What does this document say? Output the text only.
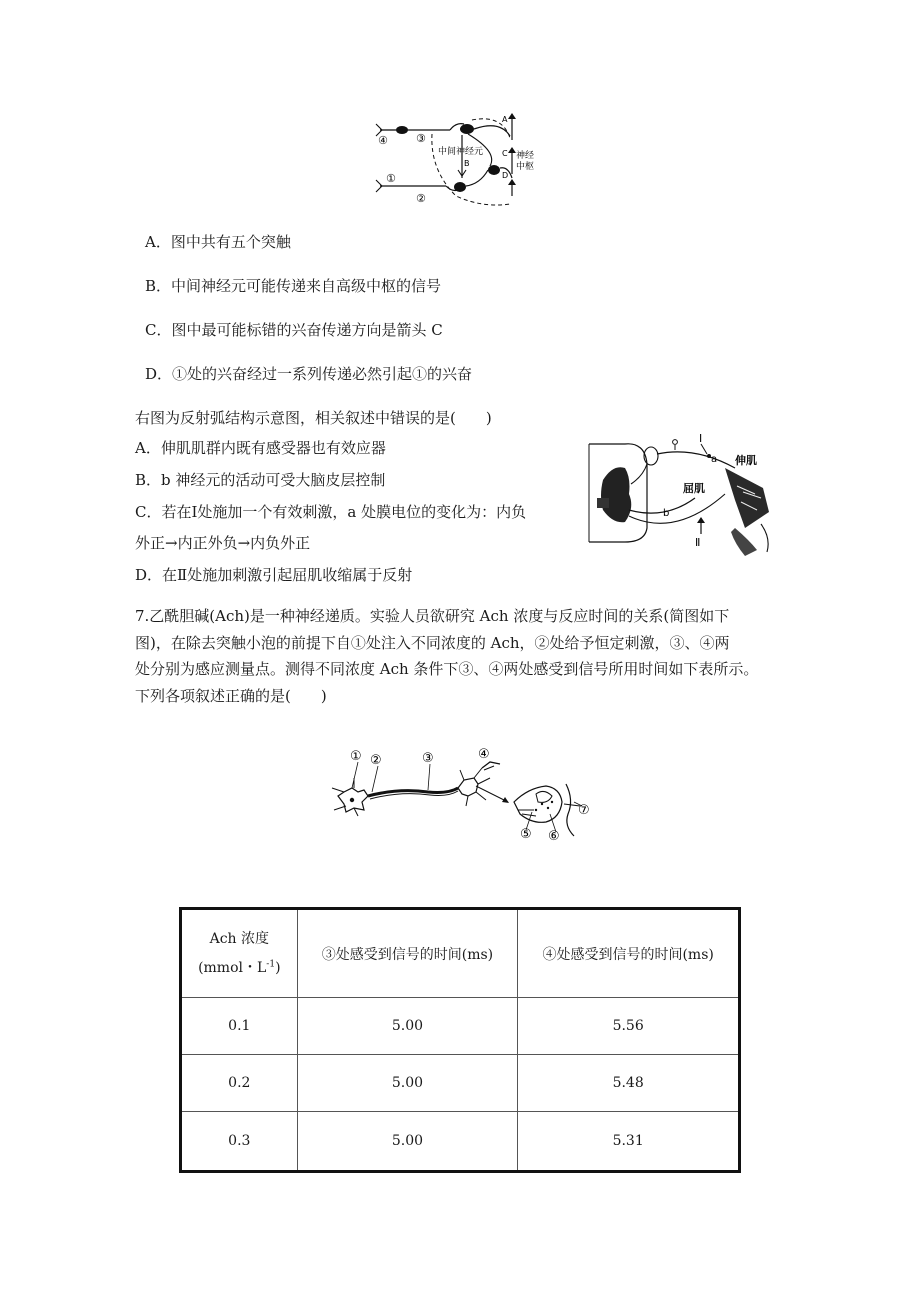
④	③
①
②
中间神经元
A
B
C
D
神经
中枢
A．图中共有五个突触
B．中间神经元可能传递来自高级中枢的信号
C．图中最可能标错的兴奋传递方向是箭头 C
D．①处的兴奋经过一系列传递必然引起①的兴奋
右图为反射弧结构示意图，相关叙述中错误的是(　　)
A．伸肌肌群内既有感受器也有效应器
B．b 神经元的活动可受大脑皮层控制
C．若在Ⅰ处施加一个有效刺激，a 处膜电位的变化为：内负
外正→内正外负→内负外正
D．在Ⅱ处施加刺激引起屈肌收缩属于反射
Ⅰ
a 伸肌
屈肌
b
Ⅱ
7.乙酰胆碱(Ach)是一种神经递质。实验人员欲研究 Ach 浓度与反应时间的关系(简图如下
图)，在除去突触小泡的前提下自①处注入不同浓度的 Ach，②处给予恒定刺激，③、④两
处分别为感应测量点。测得不同浓度 Ach 条件下③、④两处感受到信号所用时间如下表所示。
下列各项叙述正确的是(　　)
① ②	③	④
⑤ ⑥
⑦
Ach 浓度
(mmol・$L^{-1}$)	③处感受到信号的时间(ms)	④处感受到信号的时间(ms)
0.1	5.00	5.56
0.2	5.00	5.48
0.3	5.00	5.31
